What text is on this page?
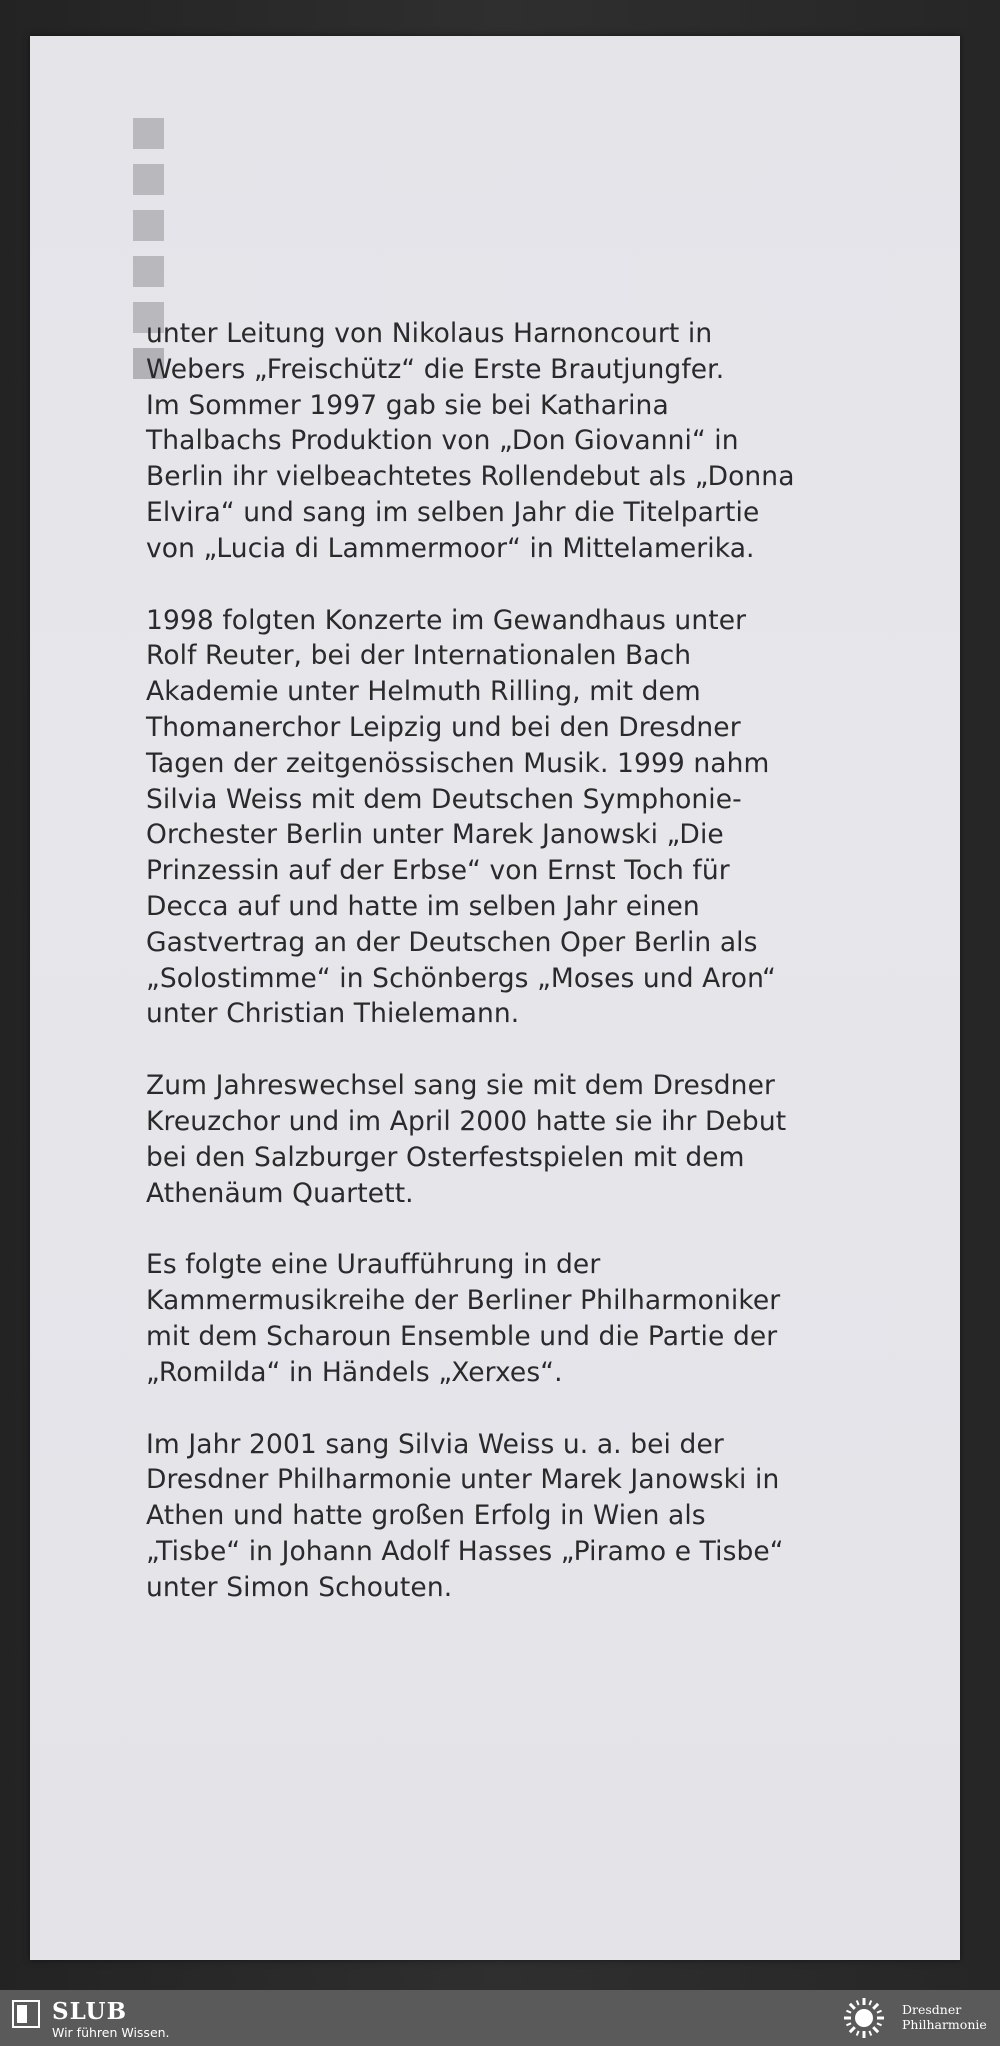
unter Leitung von Nikolaus Harnoncourt in
Webers „Freischütz“ die Erste Brautjungfer.
Im Sommer 1997 gab sie bei Katharina
Thalbachs Produktion von „Don Giovanni“ in
Berlin ihr vielbeachtetes Rollendebut als „Donna
Elvira“ und sang im selben Jahr die Titelpartie
von „Lucia di Lammermoor“ in Mittelamerika.

1998 folgten Konzerte im Gewandhaus unter
Rolf Reuter, bei der Internationalen Bach
Akademie unter Helmuth Rilling, mit dem
Thomanerchor Leipzig und bei den Dresdner
Tagen der zeitgenössischen Musik. 1999 nahm
Silvia Weiss mit dem Deutschen Symphonie-
Orchester Berlin unter Marek Janowski „Die
Prinzessin auf der Erbse“ von Ernst Toch für
Decca auf und hatte im selben Jahr einen
Gastvertrag an der Deutschen Oper Berlin als
„Solostimme“ in Schönbergs „Moses und Aron“
unter Christian Thielemann.

Zum Jahreswechsel sang sie mit dem Dresdner
Kreuzchor und im April 2000 hatte sie ihr Debut
bei den Salzburger Osterfestspielen mit dem
Athenäum Quartett.

Es folgte eine Uraufführung in der
Kammermusikreihe der Berliner Philharmoniker
mit dem Scharoun Ensemble und die Partie der
„Romilda“ in Händels „Xerxes“.

Im Jahr 2001 sang Silvia Weiss u. a. bei der
Dresdner Philharmonie unter Marek Janowski in
Athen und hatte großen Erfolg in Wien als
„Tisbe“ in Johann Adolf Hasses „Piramo e Tisbe“
unter Simon Schouten.

SLUB
Wir führen Wissen.
Dresdner
Philharmonie
